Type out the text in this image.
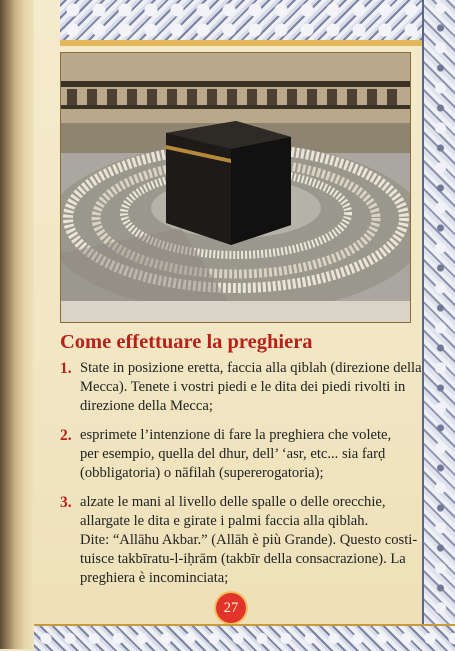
Come effettuare la preghiera
1. State in posizione eretta, faccia alla qiblah (direzione della
Mecca). Tenete i vostri piedi e le dita dei piedi rivolti in
direzione della Mecca;
2. esprimete l’intenzione di fare la preghiera che volete,
per esempio, quella del dhur, dell’ ‘asr, etc... sia farḍ
(obbligatoria) o nāfilah (supererogatoria);
3. alzate le mani al livello delle spalle o delle orecchie,
allargate le dita e girate i palmi faccia alla qiblah.
Dite: “Allāhu Akbar.” (Allāh è più Grande). Questo costi-
tuisce takbīratu-l-iḥrām (takbīr della consacrazione). La
preghiera è incominciata;
27
